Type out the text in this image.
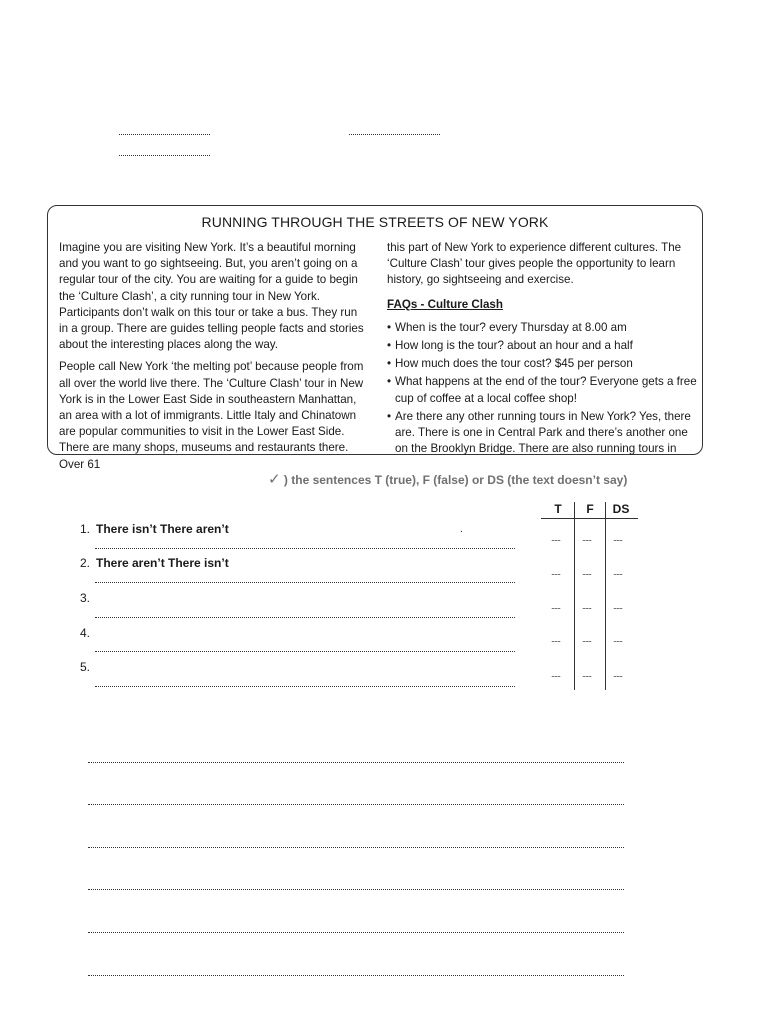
RUNNING THROUGH THE STREETS OF NEW YORK

Imagine you are visiting New York. It’s a beautiful morning and you want to go sightseeing. But, you aren’t going on a regular tour of the city. You are waiting for a guide to begin the ‘Culture Clash’, a city running tour in New York. Participants don’t walk on this tour or take a bus. They run in a group. There are guides telling people facts and stories about the interesting places along the way.

People call New York ‘the melting pot’ because people from all over the world live there. The ‘Culture Clash’ tour in New York is in the Lower East Side in southeastern Manhattan, an area with a lot of immigrants. Little Italy and Chinatown are popular communities to visit in the Lower East Side. There are many shops, museums and restaurants there. Over 61

this part of New York to experience different cultures. The ‘Culture Clash’ tour gives people the opportunity to learn history, go sightseeing and exercise.

FAQs - Culture Clash

• When is the tour? every Thursday at 8.00 am
• How long is the tour? about an hour and a half
• How much does the tour cost? $45 per person
• What happens at the end of the tour? Everyone gets a free cup of coffee at a local coffee shop!
• Are there any other running tours in New York? Yes, there are. There is one in Central Park and there’s another one on the Brooklyn Bridge. There are also running tours in
✓ ) the sentences T (true), F (false) or DS (the text doesn’t say)
1. There isn’t There aren’t	.
2. There aren’t There isn’t
3.
4.
5.
T	F	DS
...... ...... ......
...... ...... ......
...... ...... ......
...... ...... ......
...... ...... ......
